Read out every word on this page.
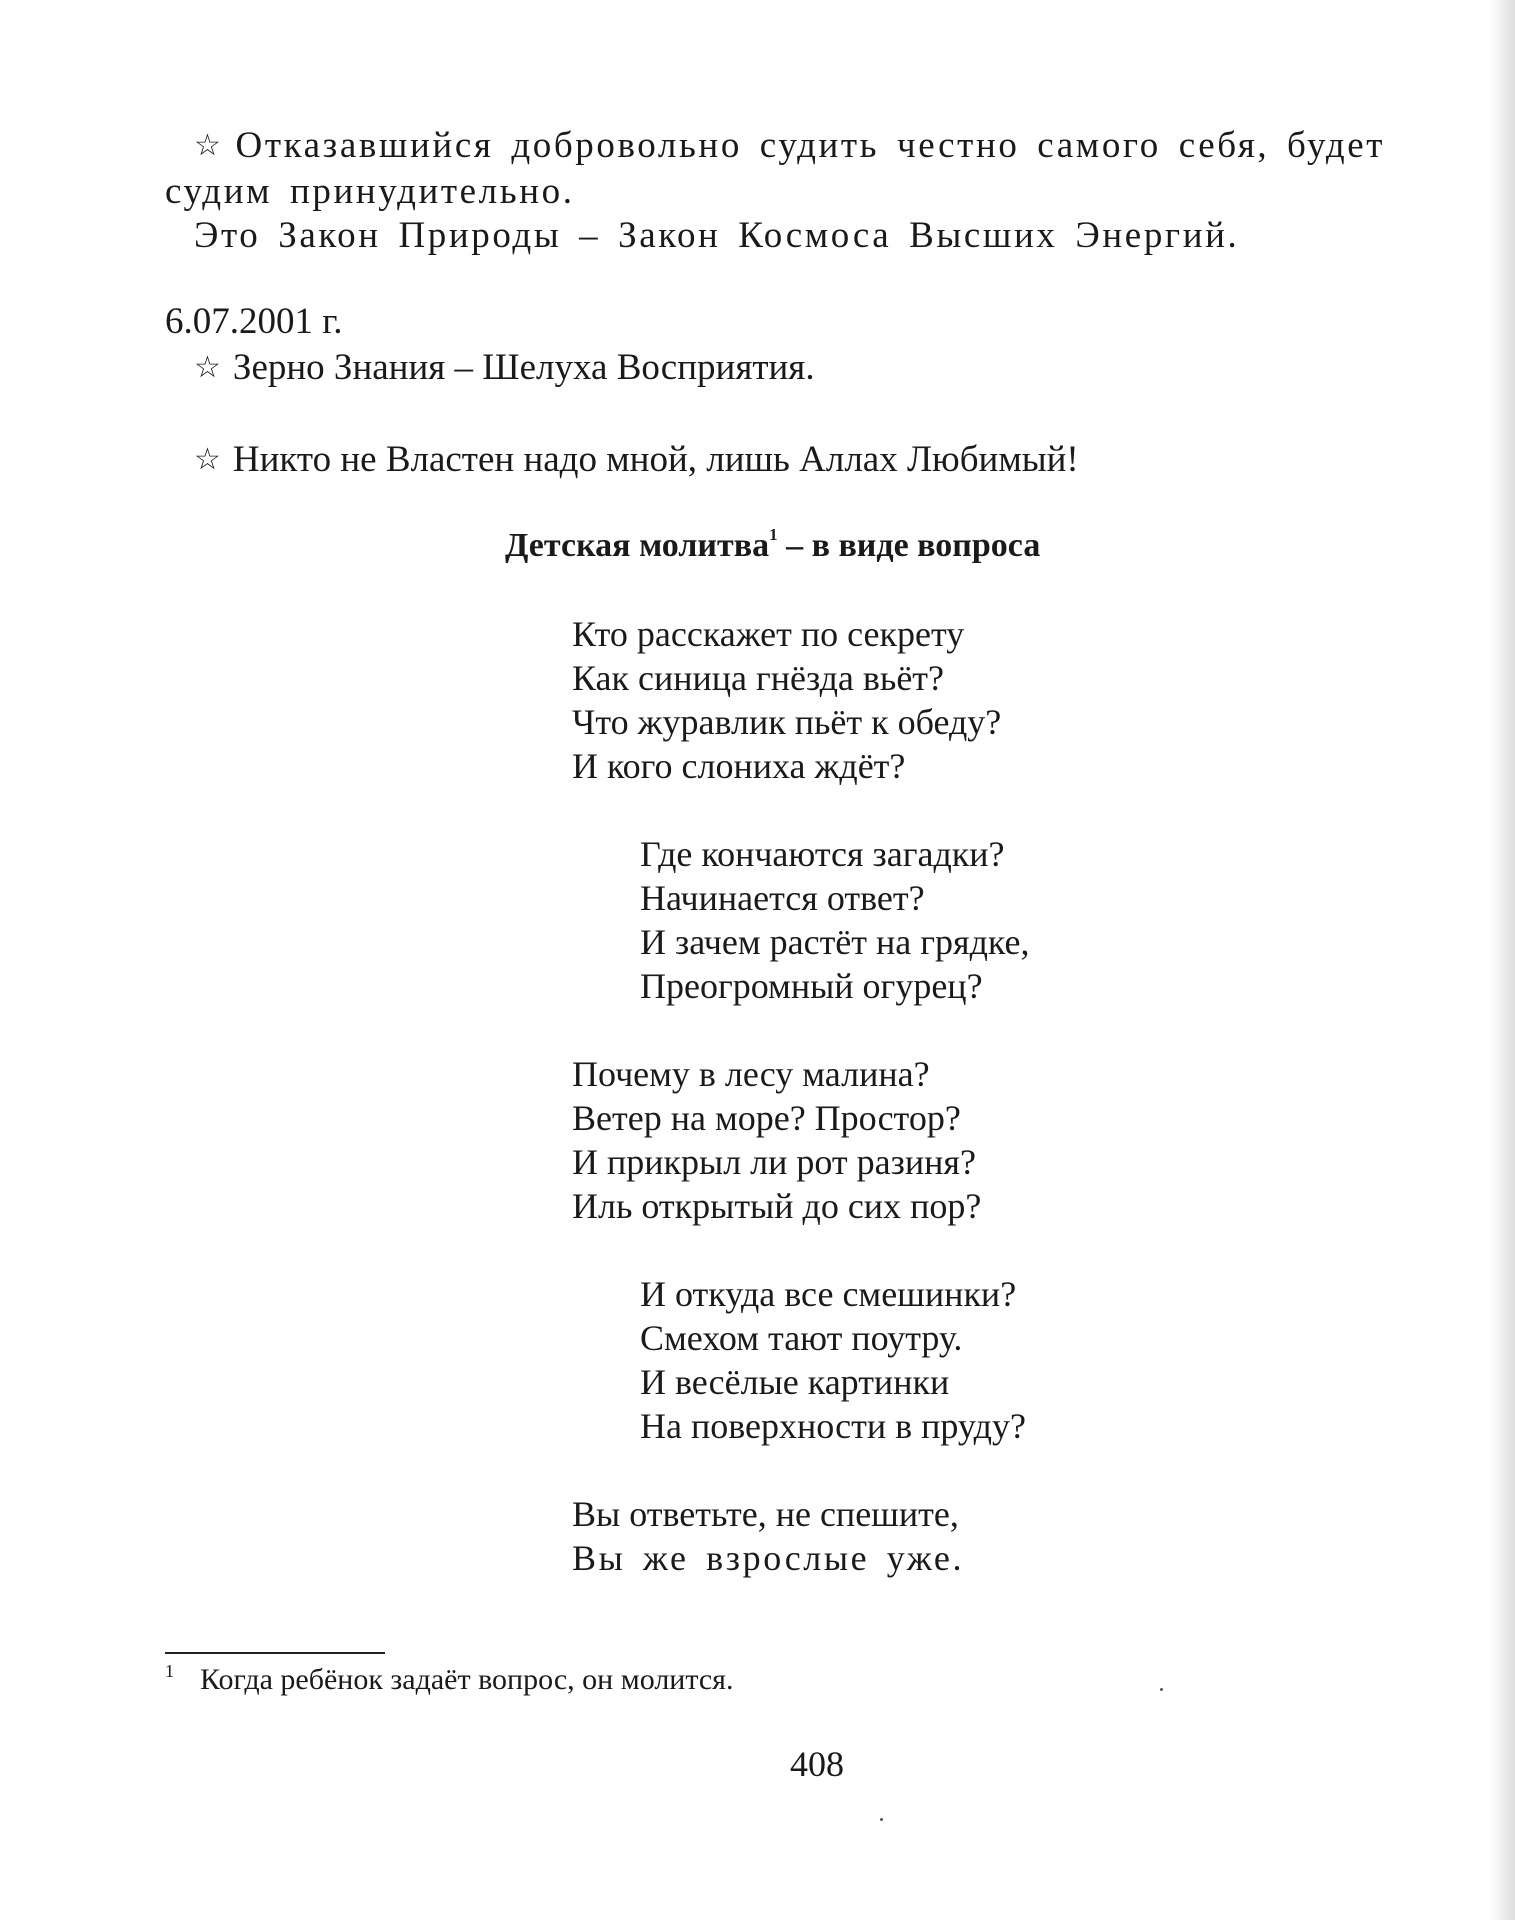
☆ Отказавшийся добровольно судить честно самого себя, будет
судим принудительно.
Это Закон Природы – Закон Космоса Высших Энергий.
6.07.2001 г.
☆ Зерно Знания – Шелуха Восприятия.
☆ Никто не Властен надо мной, лишь Аллах Любимый!
Детская молитва$^1$ – в виде вопроса
Кто расскажет по секрету
Как синица гнёзда вьёт?
Что журавлик пьёт к обеду?
И кого слониха ждёт?
Где кончаются загадки?
Начинается ответ?
И зачем растёт на грядке,
Преогромный огурец?
Почему в лесу малина?
Ветер на море? Простор?
И прикрыл ли рот разиня?
Иль открытый до сих пор?
И откуда все смешинки?
Смехом тают поутру.
И весёлые картинки
На поверхности в пруду?
Вы ответьте, не спешите,
Вы же взрослые уже.
$^1$ Когда ребёнок задаёт вопрос, он молится.
408
